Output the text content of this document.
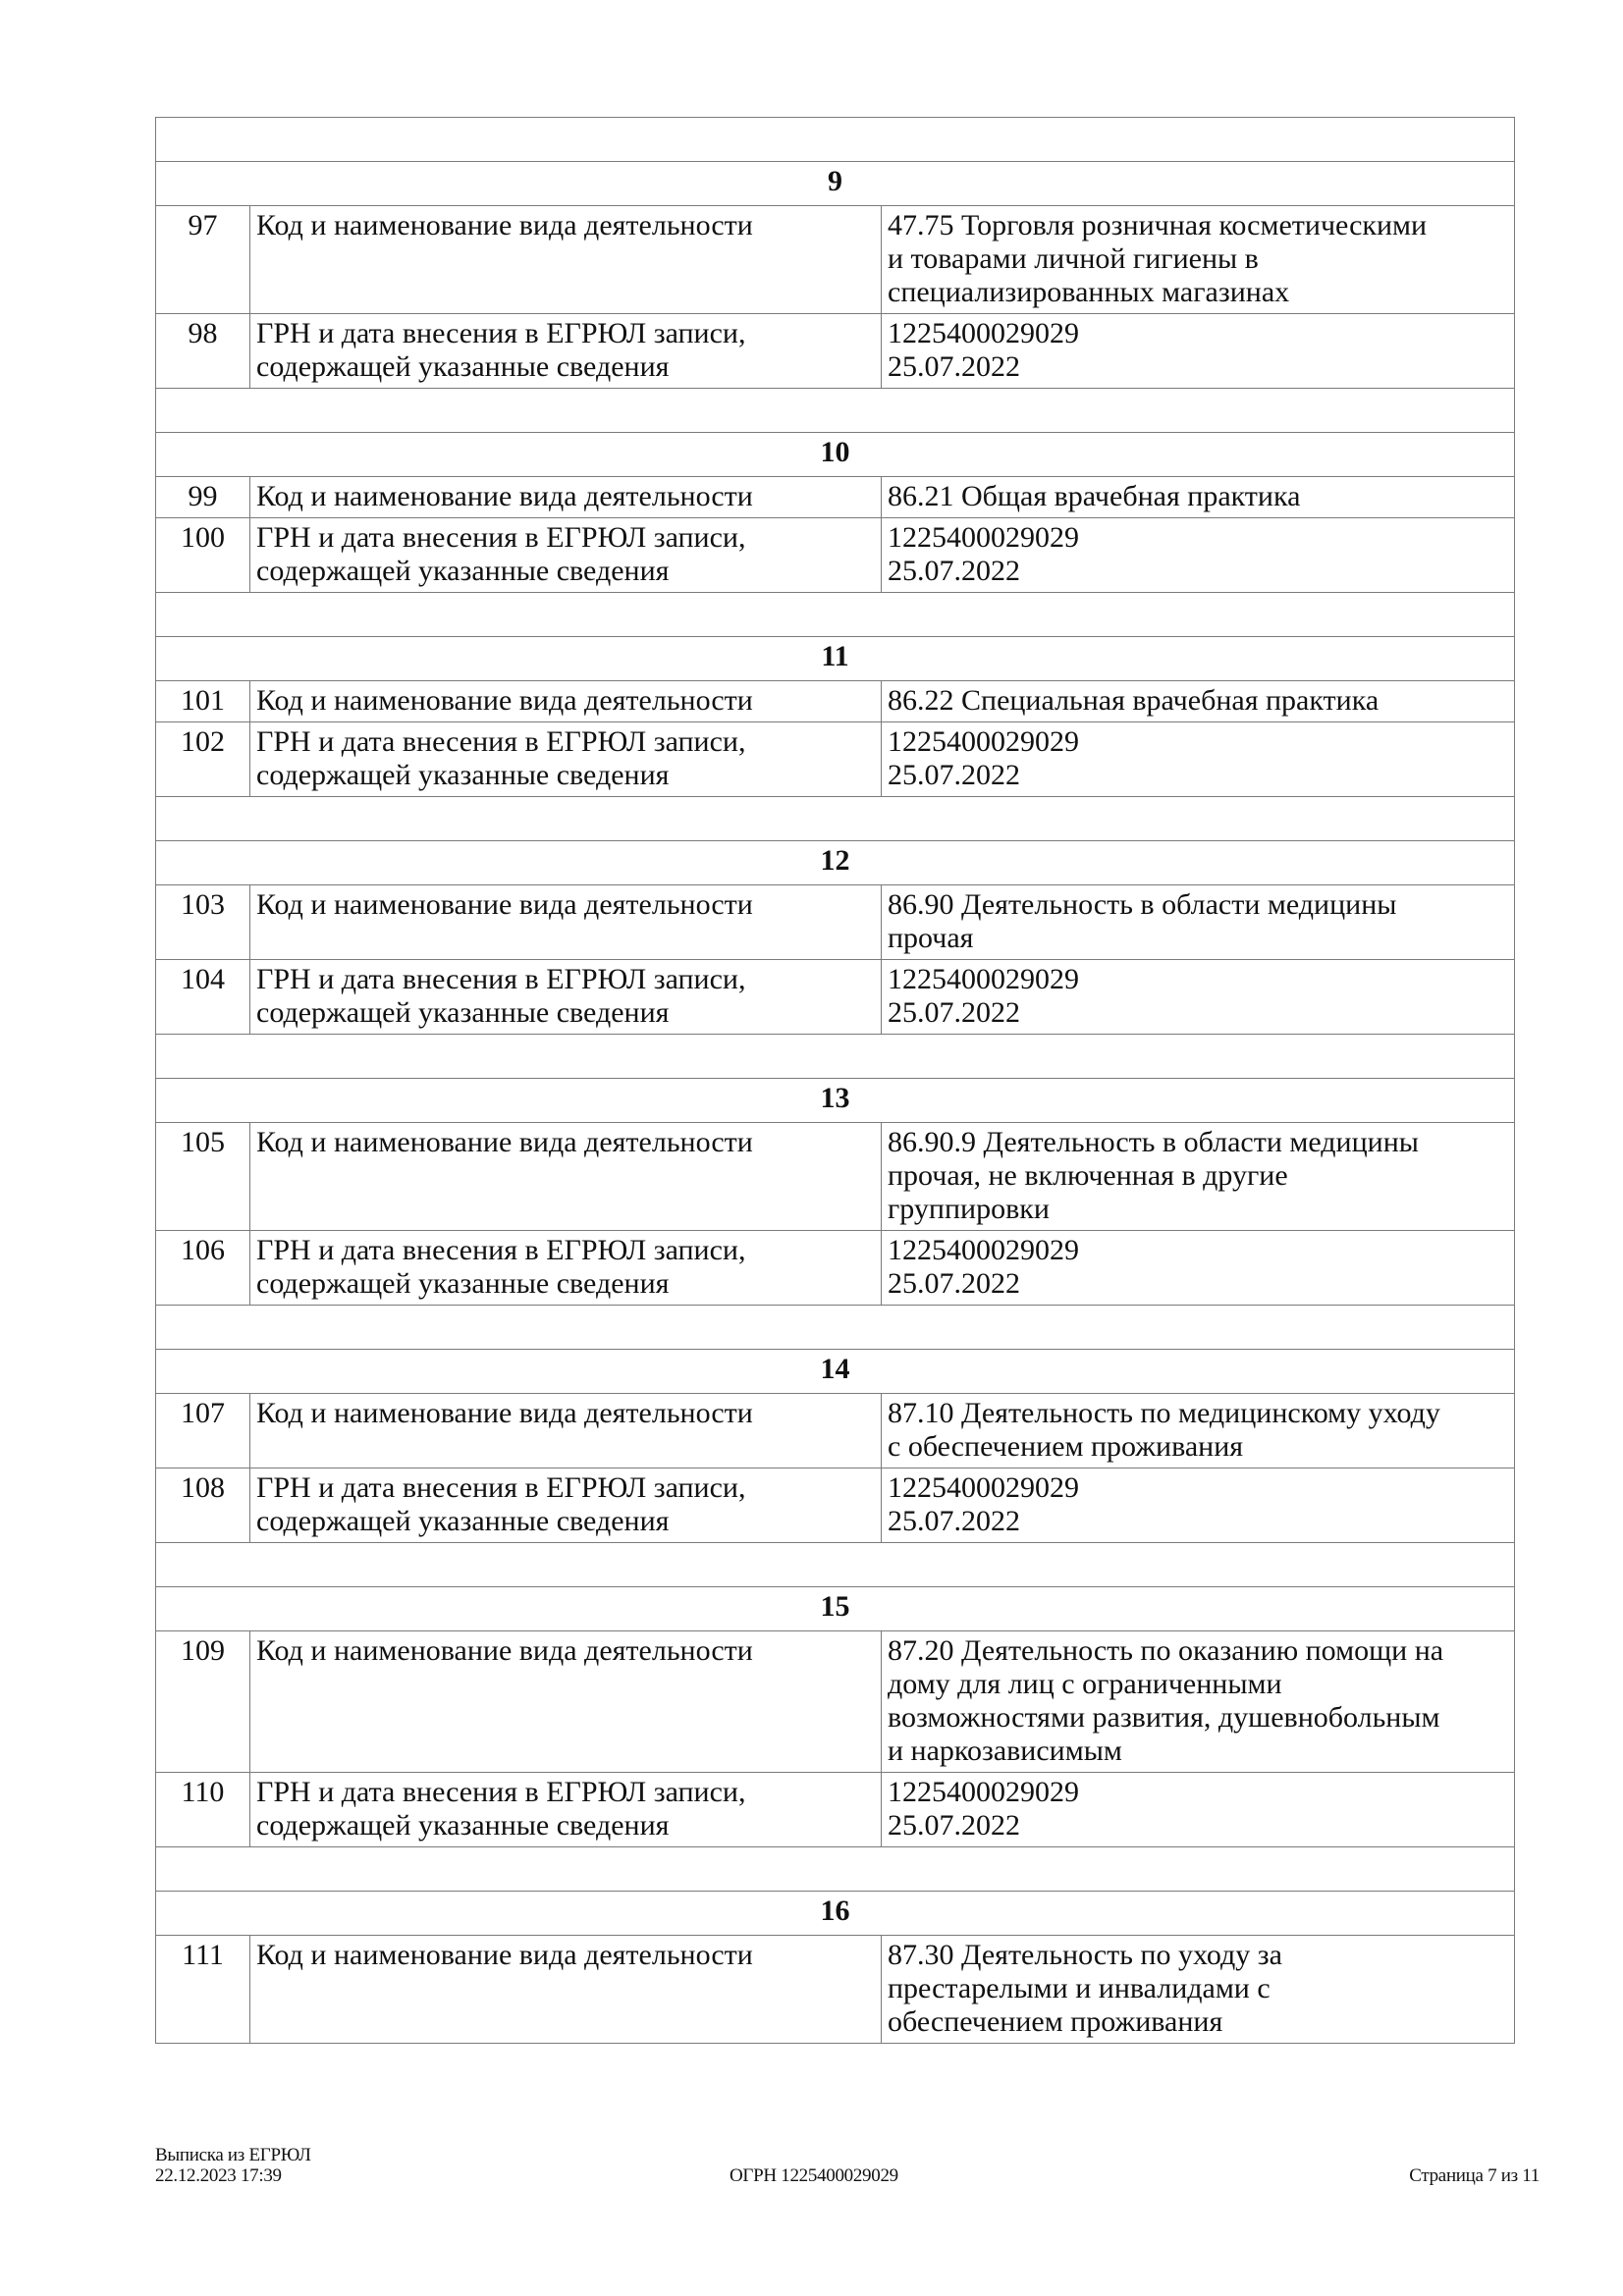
9		
97	Код и наименование вида деятельности	47.75 Торговля розничная косметическими
и товарами личной гигиены в
специализированных магазинах

98	ГРН и дата внесения в ЕГРЮЛ записи,
содержащей указанные сведения	1225400029029
25.07.2022

10		
99	Код и наименование вида деятельности	86.21 Общая врачебная практика

100	ГРН и дата внесения в ЕГРЮЛ записи,
содержащей указанные сведения	1225400029029
25.07.2022

11		
101	Код и наименование вида деятельности	86.22 Специальная врачебная практика

102	ГРН и дата внесения в ЕГРЮЛ записи,
содержащей указанные сведения	1225400029029
25.07.2022

12		
103	Код и наименование вида деятельности	86.90 Деятельность в области медицины
прочая

104	ГРН и дата внесения в ЕГРЮЛ записи,
содержащей указанные сведения	1225400029029
25.07.2022

13		
105	Код и наименование вида деятельности	86.90.9 Деятельность в области медицины
прочая, не включенная в другие
группировки

106	ГРН и дата внесения в ЕГРЮЛ записи,
содержащей указанные сведения	1225400029029
25.07.2022

14		
107	Код и наименование вида деятельности	87.10 Деятельность по медицинскому уходу
с обеспечением проживания

108	ГРН и дата внесения в ЕГРЮЛ записи,
содержащей указанные сведения	1225400029029
25.07.2022

15		
109	Код и наименование вида деятельности	87.20 Деятельность по оказанию помощи на
дому для лиц с ограниченными
возможностями развития, душевнобольным
и наркозависимым

110	ГРН и дата внесения в ЕГРЮЛ записи,
содержащей указанные сведения	1225400029029
25.07.2022

16		
111	Код и наименование вида деятельности	87.30 Деятельность по уходу за
престарелыми и инвалидами с
обеспечением проживания
Выписка из ЕГРЮЛ
22.12.2023 17:39	ОГРН 1225400029029	Страница 7 из 11
